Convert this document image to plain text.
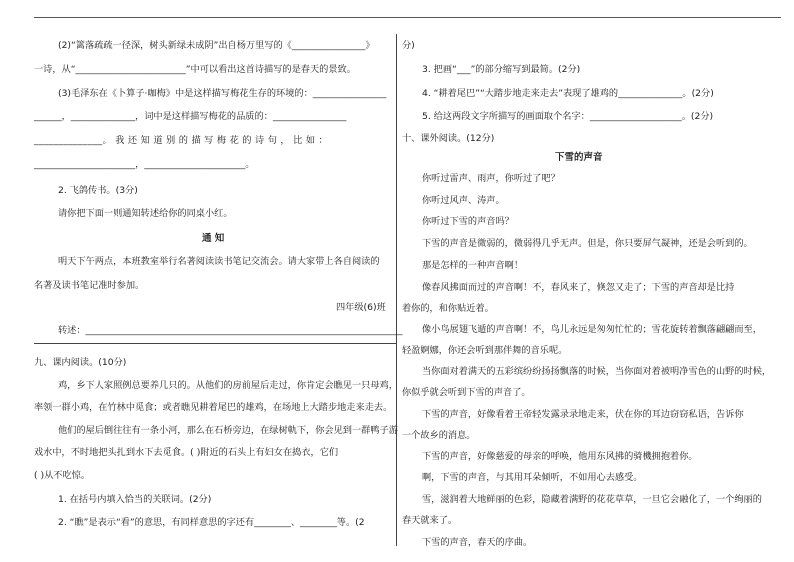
(2)“篱落疏疏一径深，树头新绿未成阴”出自杨万里写的《________________》
一诗，从“________________________”中可以看出这首诗描写的是春天的景致。
(3)毛泽东在《卜算子·咖梅》中是这样描写梅花生存的环境的：________________
______，______________，词中是这样描写梅花的品质的：________________
______________。 我 还 知 道 别 的 描 写 梅 花 的 诗 句 ， 比 如 ：
______________________，______________________。
2. 飞鸽传书。(3分)
请你把下面一则通知转述给你的同桌小红。
通 知
明天下午两点，本班教室举行名著阅读读书笔记交流会。请大家带上各自阅读的
名著及读书笔记准时参加。
四年级(6)班
转述：_____________________________________________________________________
九、课内阅读。(10分)
鸡，乡下人家照例总要养几只的。从他们的房前屋后走过，你肯定会瞧见一只母鸡，
率领一群小鸡，在竹林中觅食；或者瞧见耕着尾巴的雄鸡，在场地上大踏步地走来走去。
他们的屋后倒往往有一条小河，那么在石桥旁边，在绿树軌下，你会见到一群鸭子游
戏水中，不时地把头扎到水下去觅食。( )附近的石头上有妇女在捣衣，它们
( )从不吃惊。
1. 在括号内填入恰当的关联词。(2分)
2. “瞧”是表示“看”的意思，有同样意思的字还有________、________等。(2
分)
3. 把画“___”的部分缩写到最简。(2分)
4. “耕着尾巴”“大踏步地走来走去”表现了雄鸡的______________。(2分)
5. 给这两段文字所描写的画面取个名字：____________________。(2分)
十、课外阅读。(12分)
下雪的声音
你听过雷声、雨声，你听过了吧？
你听过风声、涛声。
你听过下雪的声音吗？
下雪的声音是微弱的，微弱得几乎无声。但是，你只要屏气凝神，还是会听到的。
那是怎样的一种声音啊！
像春风拂面而过的声音啊！不，春风来了，倏忽又走了；下雪的声音却是比持
着你的，和你贴近着。
像小鸟展翅飞遁的声音啊！不，鸟儿永远是匆匆忙忙的；雪花旋转着飘落翩翩而至，
轻盈婀娜，你还会听到那伴舞的音乐呢。
当你面对着满天的五彩缤纷纷扬扬飘落的时候，当你面对着被明净雪色的山野的时候，
你似乎就会听到下雪的声音了。
下雪的声音，好像看着王帝轻发露录录地走来，伏在你的耳边窃窃私语，告诉你
一个故乡的消息。
下雪的声音，好像慈爱的母亲的呼唤，他用东风拂的骑機拥抱着你。
啊，下雪的声音，与其用耳朵倾听，不如用心去感受。
雪，滋润着大地鲜丽的色彩，隐藏着满野的花花草草，一旦它会融化了，一个绚丽的
春天就来了。
下雪的声音，春天的序曲。
